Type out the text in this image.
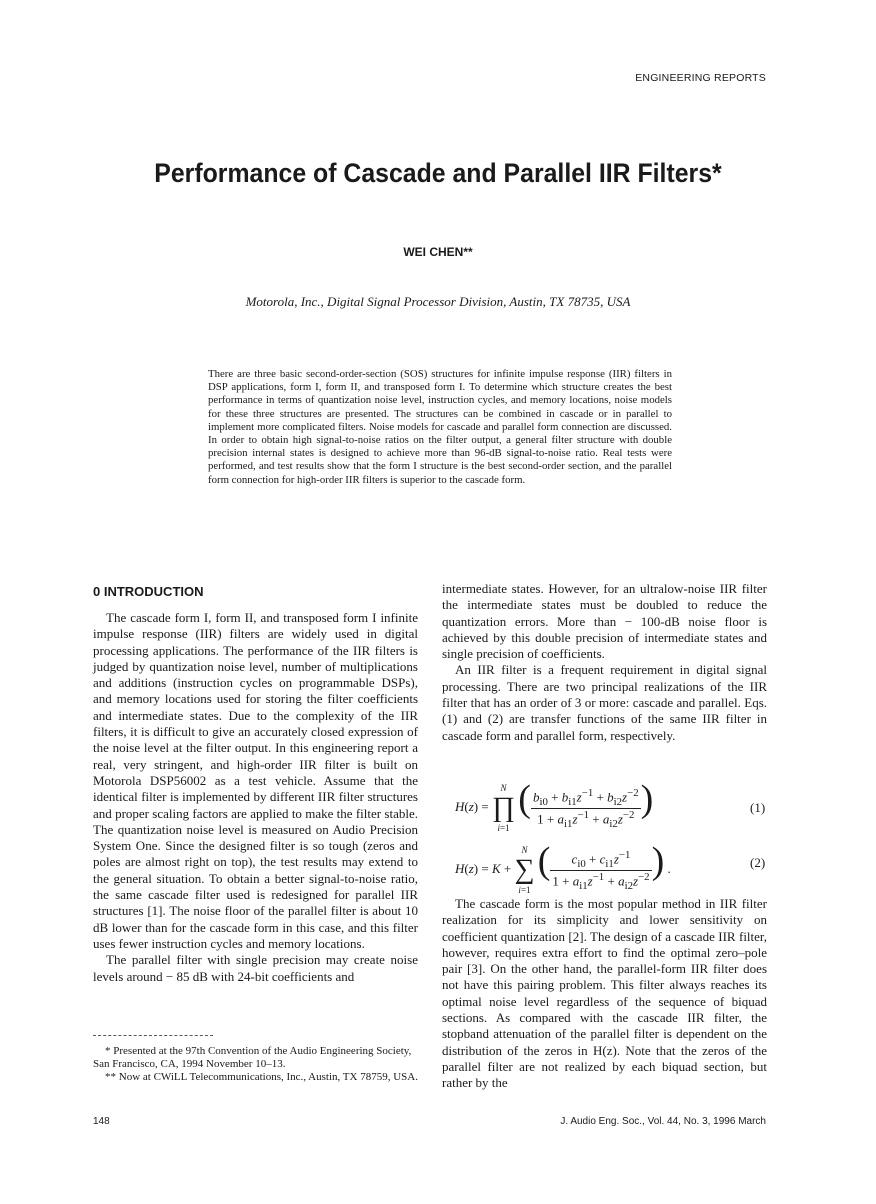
ENGINEERING REPORTS
Performance of Cascade and Parallel IIR Filters*
WEI CHEN**
Motorola, Inc., Digital Signal Processor Division, Austin, TX 78735, USA
There are three basic second-order-section (SOS) structures for infinite impulse response (IIR) filters in DSP applications, form I, form II, and transposed form I. To determine which structure creates the best performance in terms of quantization noise level, instruction cycles, and memory locations, noise models for these three structures are presented. The structures can be combined in cascade or in parallel to implement more complicated filters. Noise models for cascade and parallel form connection are discussed. In order to obtain high signal-to-noise ratios on the filter output, a general filter structure with double precision internal states is designed to achieve more than 96-dB signal-to-noise ratio. Real tests were performed, and test results show that the form I structure is the best second-order section, and the parallel form connection for high-order IIR filters is superior to the cascade form.
0 INTRODUCTION

The cascade form I, form II, and transposed form I infinite impulse response (IIR) filters are widely used in digital processing applications. The performance of the IIR filters is judged by quantization noise level, number of multiplications and additions (instruction cycles on programmable DSPs), and memory locations used for storing the filter coefficients and intermediate states. Due to the complexity of the IIR filters, it is difficult to give an accurately closed expression of the noise level at the filter output. In this engineering report a real, very stringent, and high-order IIR filter is built on Motorola DSP56002 as a test vehicle. Assume that the identical filter is implemented by different IIR filter structures and proper scaling factors are applied to make the filter stable. The quantization noise level is measured on Audio Precision System One. Since the designed filter is so tough (zeros and poles are almost right on top), the test results may extend to the general situation. To obtain a better signal-to-noise ratio, the same cascade filter used is redesigned for parallel IIR structures [1]. The noise floor of the parallel filter is about 10 dB lower than for the cascade form in this case, and this filter uses fewer instruction cycles and memory locations.

The parallel filter with single precision may create noise levels around − 85 dB with 24-bit coefficients and

* Presented at the 97th Convention of the Audio Engineering Society, San Francisco, CA, 1994 November 10–13.

** Now at CWiLL Telecommunications, Inc., Austin, TX 78759, USA.

intermediate states. However, for an ultralow-noise IIR filter the intermediate states must be doubled to reduce the quantization errors. More than − 100-dB noise floor is achieved by this double precision of intermediate states and single precision of coefficients.

An IIR filter is a frequent requirement in digital signal processing. There are two principal realizations of the IIR filter that has an order of 3 or more: cascade and parallel. Eqs. (1) and (2) are transfer functions of the same IIR filter in cascade form and parallel form, respectively.

H(z) =
N
∏
i=1
( $\frac{b_{i0} + b_{i1}z^{-1} + b_{i2}z^{-2}}{1 + a_{i1}z^{-1} + a_{i2}z^{-2}}$ )	(1)
H(z) = K +
N
∑
i=1
( $\frac{c_{i0} + c_{i1}z^{-1}}{1 + a_{i1}z^{-1} + a_{i2}z^{-2}}$ ) .	(2)

The cascade form is the most popular method in IIR filter realization for its simplicity and lower sensitivity on coefficient quantization [2]. The design of a cascade IIR filter, however, requires extra effort to find the optimal zero–pole pair [3]. On the other hand, the parallel-form IIR filter does not have this pairing problem. This filter always reaches its optimal noise level regardless of the sequence of biquad sections. As compared with the cascade IIR filter, the stopband attenuation of the parallel filter is dependent on the distribution of the zeros in H(z). Note that the zeros of the parallel filter are not realized by each biquad section, but rather by the

148	J. Audio Eng. Soc., Vol. 44, No. 3, 1996 March
